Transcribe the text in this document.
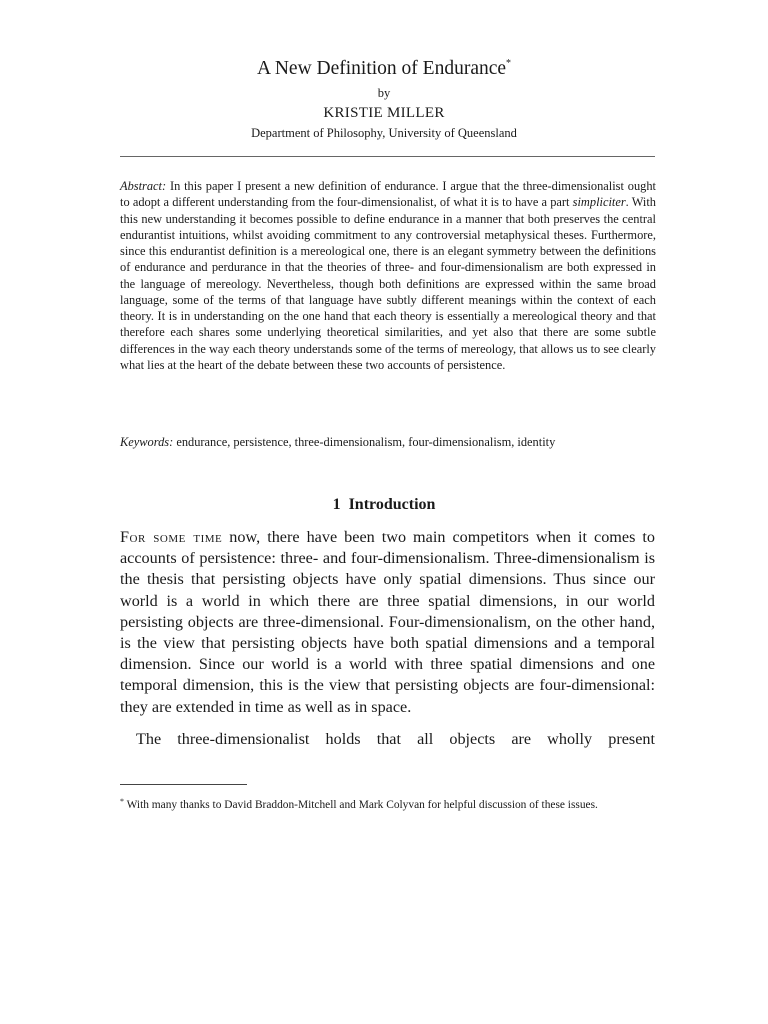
A New Definition of Endurance*
by
KRISTIE MILLER
Department of Philosophy, University of Queensland

Abstract: In this paper I present a new definition of endurance. I argue that the three-dimensionalist ought to adopt a different understanding from the four-dimensionalist, of what it is to have a part simpliciter. With this new understanding it becomes possible to define endurance in a manner that both preserves the central endurantist intuitions, whilst avoiding commitment to any controversial metaphysical theses. Furthermore, since this endurantist definition is a mereological one, there is an elegant symmetry between the definitions of endurance and perdurance in that the theories of three- and four-dimensionalism are both expressed in the language of mereology. Nevertheless, though both definitions are expressed within the same broad language, some of the terms of that language have subtly different meanings within the context of each theory. It is in understanding on the one hand that each theory is essentially a mereological theory and that therefore each shares some underlying theoretical similarities, and yet also that there are some subtle differences in the way each theory understands some of the terms of mereology, that allows us to see clearly what lies at the heart of the debate between these two accounts of persistence.

Keywords: endurance, persistence, three-dimensionalism, four-dimensionalism, identity

1 Introduction

For some time now, there have been two main competitors when it comes to accounts of persistence: three- and four-dimensionalism. Three-dimensionalism is the thesis that persisting objects have only spatial dimensions. Thus since our world is a world in which there are three spatial dimensions, in our world persisting objects are three-dimensional. Four-dimensionalism, on the other hand, is the view that persisting objects have both spatial dimensions and a temporal dimension. Since our world is a world with three spatial dimensions and one temporal dimension, this is the view that persisting objects are four-dimensional: they are extended in time as well as in space.

The three-dimensionalist holds that all objects are wholly present

* With many thanks to David Braddon-Mitchell and Mark Colyvan for helpful discussion of these issues.
